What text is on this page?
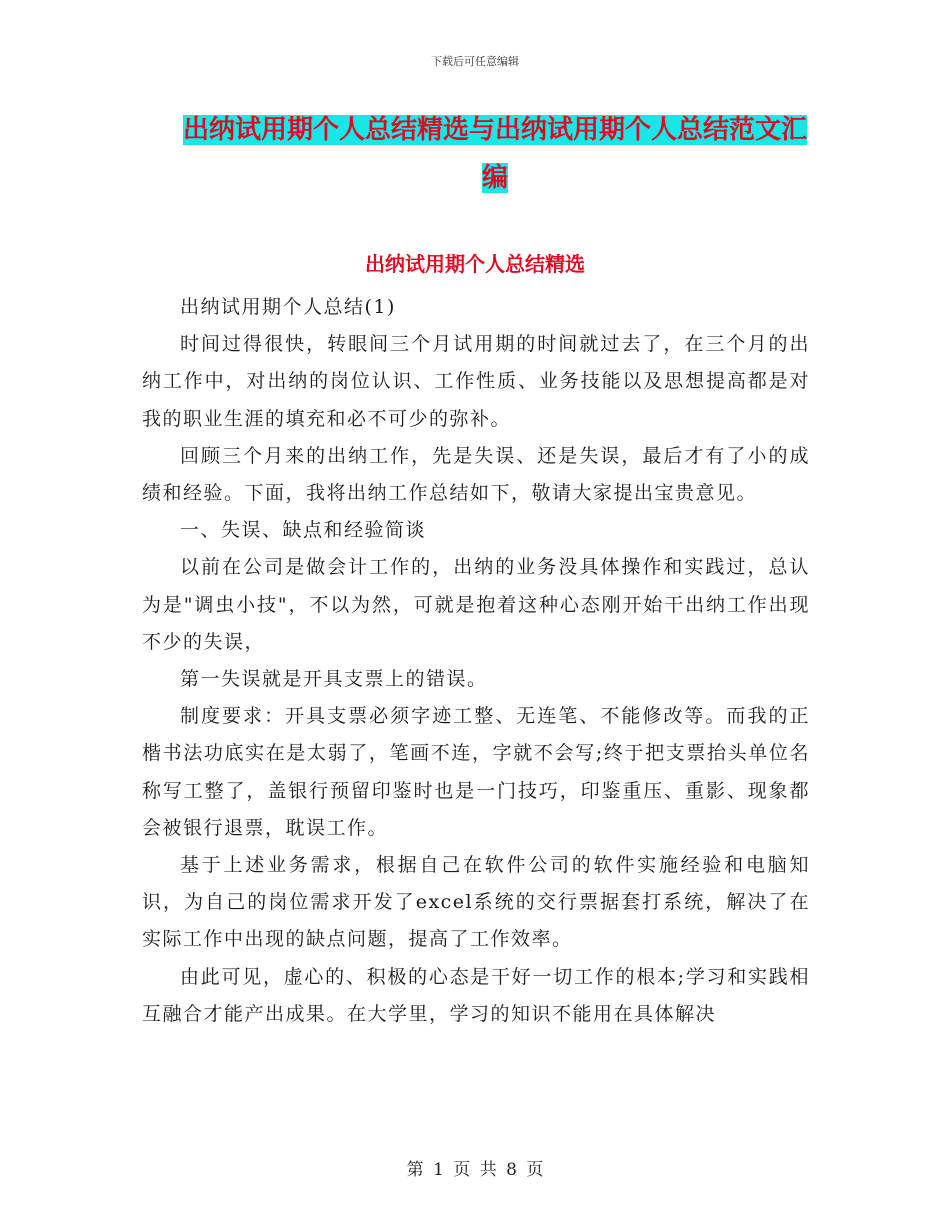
下载后可任意编辑
出纳试用期个人总结精选与出纳试用期个人总结范文汇编
出纳试用期个人总结精选

出纳试用期个人总结(1)

时间过得很快，转眼间三个月试用期的时间就过去了，在三个月的出纳工作中，对出纳的岗位认识、工作性质、业务技能以及思想提高都是对我的职业生涯的填充和必不可少的弥补。

回顾三个月来的出纳工作，先是失误、还是失误，最后才有了小的成绩和经验。下面，我将出纳工作总结如下，敬请大家提出宝贵意见。

一、失误、缺点和经验简谈

以前在公司是做会计工作的，出纳的业务没具体操作和实践过，总认为是"调虫小技"，不以为然，可就是抱着这种心态刚开始干出纳工作出现不少的失误，

第一失误就是开具支票上的错误。

制度要求：开具支票必须字迹工整、无连笔、不能修改等。而我的正楷书法功底实在是太弱了，笔画不连，字就不会写;终于把支票抬头单位名称写工整了，盖银行预留印鉴时也是一门技巧，印鉴重压、重影、现象都会被银行退票，耽误工作。

基于上述业务需求，根据自己在软件公司的软件实施经验和电脑知识，为自己的岗位需求开发了excel系统的交行票据套打系统，解决了在实际工作中出现的缺点问题，提高了工作效率。

由此可见，虚心的、积极的心态是干好一切工作的根本;学习和实践相互融合才能产出成果。在大学里，学习的知识不能用在具体解决

第 1 页 共 8 页
